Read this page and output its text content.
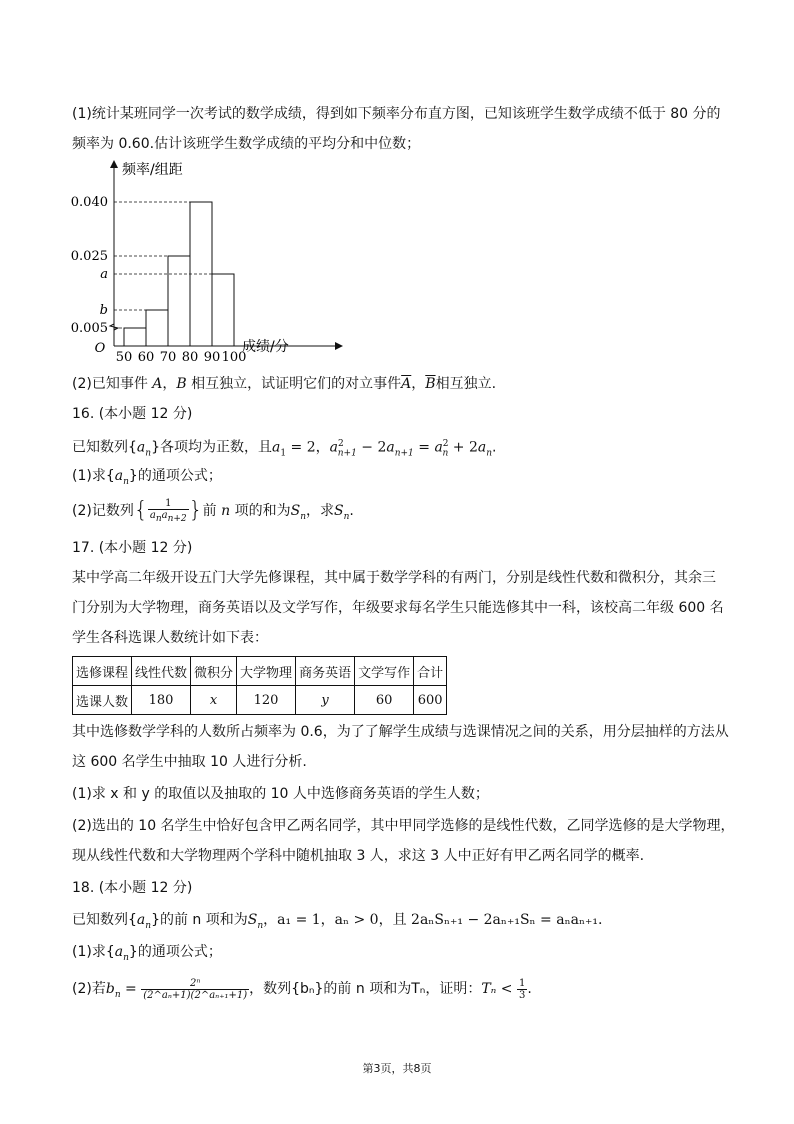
(1)统计某班同学一次考试的数学成绩，得到如下频率分布直方图，已知该班学生数学成绩不低于 80 分的
频率为 0.60.估计该班学生数学成绩的平均分和中位数；
0.040
0.025
a
b
0.005
50 60 70 80 90 100
O
频率/组距
成绩/分
(2)已知事件 A，B 相互独立，试证明它们的对立事件$\overline{A}$，$\overline{B}$相互独立.
16. (本小题 12 分)
已知数列$\{a_n\}$各项均为正数，且$a_1 = 2$，$a^2_{n+1} - 2a_{n+1} = a^2_n + 2a_n$.
(1)求$\{a_n\}$的通项公式；
(2)记数列{ $\frac{1}{a_na_{n+2}}$ }前 n 项的和为$S_n$，求$S_n$.
17. (本小题 12 分)
某中学高二年级开设五门大学先修课程，其中属于数学学科的有两门，分别是线性代数和微积分，其余三
门分别为大学物理，商务英语以及文学写作，年级要求每名学生只能选修其中一科，该校高二年级 600 名
学生各科选课人数统计如下表：
选修课程	线性代数	微积分	大学物理	商务英语	文学写作	合计
选课人数	180	x	120	y	60	600
其中选修数学学科的人数所占频率为 0.6，为了了解学生成绩与选课情况之间的关系，用分层抽样的方法从
这 600 名学生中抽取 10 人进行分析.
(1)求 x 和 y 的取值以及抽取的 10 人中选修商务英语的学生人数；
(2)选出的 10 名学生中恰好包含甲乙两名同学，其中甲同学选修的是线性代数，乙同学选修的是大学物理，
现从线性代数和大学物理两个学科中随机抽取 3 人，求这 3 人中正好有甲乙两名同学的概率.
18. (本小题 12 分)
已知数列$\{a_n\}$的前 n 项和为$S_n$，a₁ = 1，aₙ > 0，且 2aₙSₙ₊₁ − 2aₙ₊₁Sₙ = aₙaₙ₊₁.
(1)求$\{a_n\}$的通项公式；
(2)若$b_n = \frac{\text{2ⁿ}}{\text{(2\textasciicircum{}aₙ+1)(2\textasciicircum{}aₙ₊₁+1)}}$ ，数列{bₙ}的前 n 项和为Tₙ，证明：$T_n < \frac{1}{3}$ .
第3页，共8页
